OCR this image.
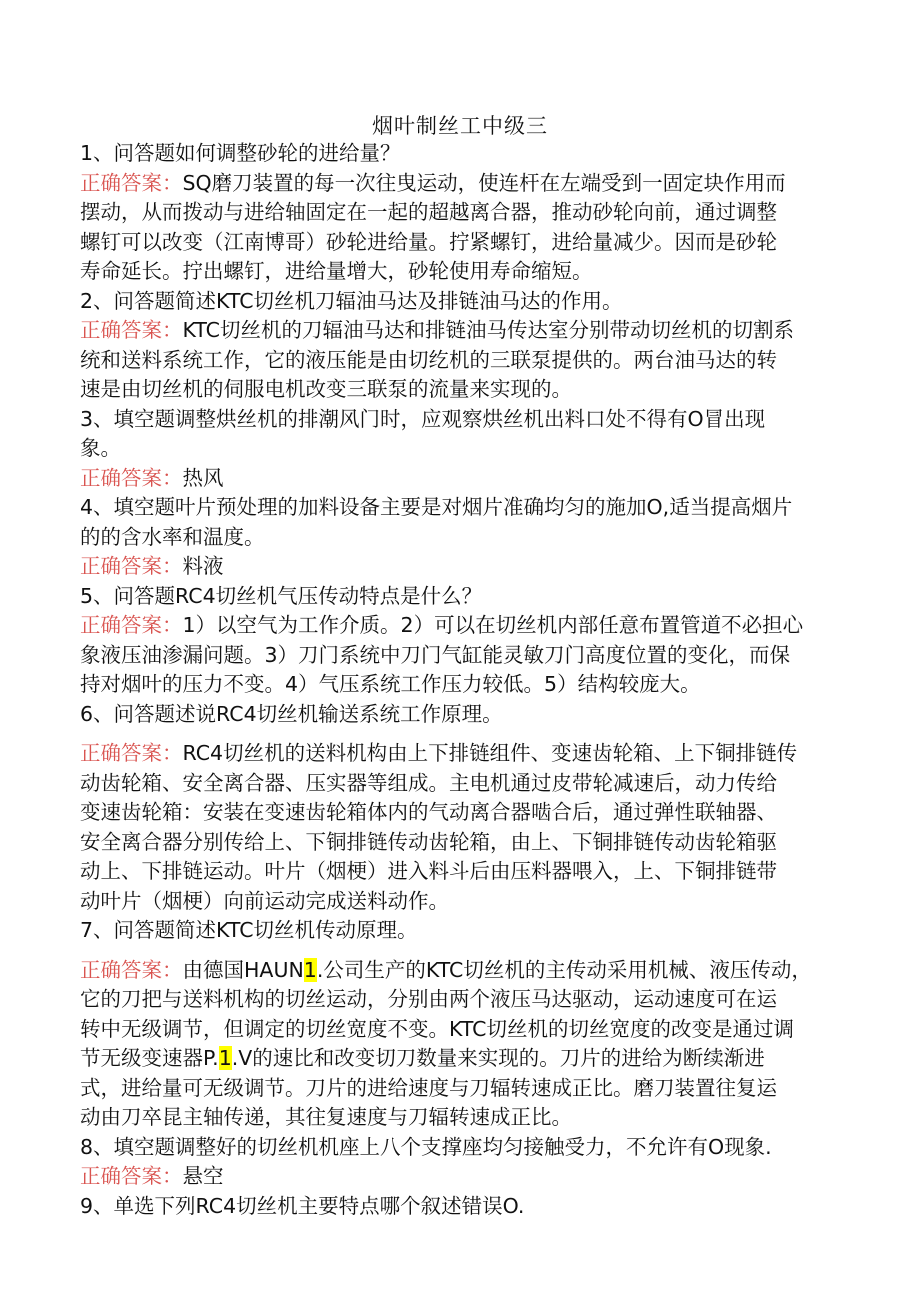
烟叶制丝工中级三
1、问答题如何调整砂轮的进给量？
正确答案：SQ磨刀装置的每一次往曳运动，使连杆在左端受到一固定块作用而
摆动，从而拨动与进给轴固定在一起的超越离合器，推动砂轮向前，通过调整
螺钉可以改变（江南博哥）砂轮进给量。拧紧螺钉，进给量减少。因而是砂轮
寿命延长。拧出螺钉，进给量增大，砂轮使用寿命缩短。
2、问答题简述KTC切丝机刀辐油马达及排链油马达的作用。
正确答案：KTC切丝机的刀辐油马达和排链油马传达室分别带动切丝机的切割系
统和送料系统工作，它的液压能是由切纥机的三联泵提供的。两台油马达的转
速是由切丝机的伺服电机改变三联泵的流量来实现的。
3、填空题调整烘丝机的排潮风门时，应观察烘丝机出料口处不得有O冒出现
象。
正确答案：热风
4、填空题叶片预处理的加料设备主要是对烟片准确均匀的施加O,适当提高烟片
的的含水率和温度。
正确答案：料液
5、问答题RC4切丝机气压传动特点是什么？
正确答案：1）以空气为工作介质。2）可以在切丝机内部任意布置管道不必担心
象液压油渗漏问题。3）刀门系统中刀门气缸能灵敏刀门高度位置的变化，而保
持对烟叶的压力不变。4）气压系统工作压力较低。5）结构较庞大。
6、问答题述说RC4切丝机输送系统工作原理。
正确答案：RC4切丝机的送料机构由上下排链组件、变速齿轮箱、上下铜排链传
动齿轮箱、安全离合器、压实器等组成。主电机通过皮带轮减速后，动力传给
变速齿轮箱：安装在变速齿轮箱体内的气动离合器啮合后，通过弹性联轴器、
安全离合器分别传给上、下铜排链传动齿轮箱，由上、下铜排链传动齿轮箱驱
动上、下排链运动。叶片（烟梗）进入料斗后由压料器喂入，上、下铜排链带
动叶片（烟梗）向前运动完成送料动作。
7、问答题简述KTC切丝机传动原理。
正确答案：由德国HAUN1.公司生产的KTC切丝机的主传动采用机械、液压传动，
它的刀把与送料机构的切丝运动，分别由两个液压马达驱动，运动速度可在运
转中无级调节，但调定的切丝宽度不变。KTC切丝机的切丝宽度的改变是通过调
节无级变速器P.1.V的速比和改变切刀数量来实现的。刀片的进给为断续渐进
式，进给量可无级调节。刀片的进给速度与刀辐转速成正比。磨刀装置往复运
动由刀卒昆主轴传递，其往复速度与刀辐转速成正比。
8、填空题调整好的切丝机机座上八个支撑座均匀接触受力，不允许有O现象.
正确答案：悬空
9、单选下列RC4切丝机主要特点哪个叙述错误O.
